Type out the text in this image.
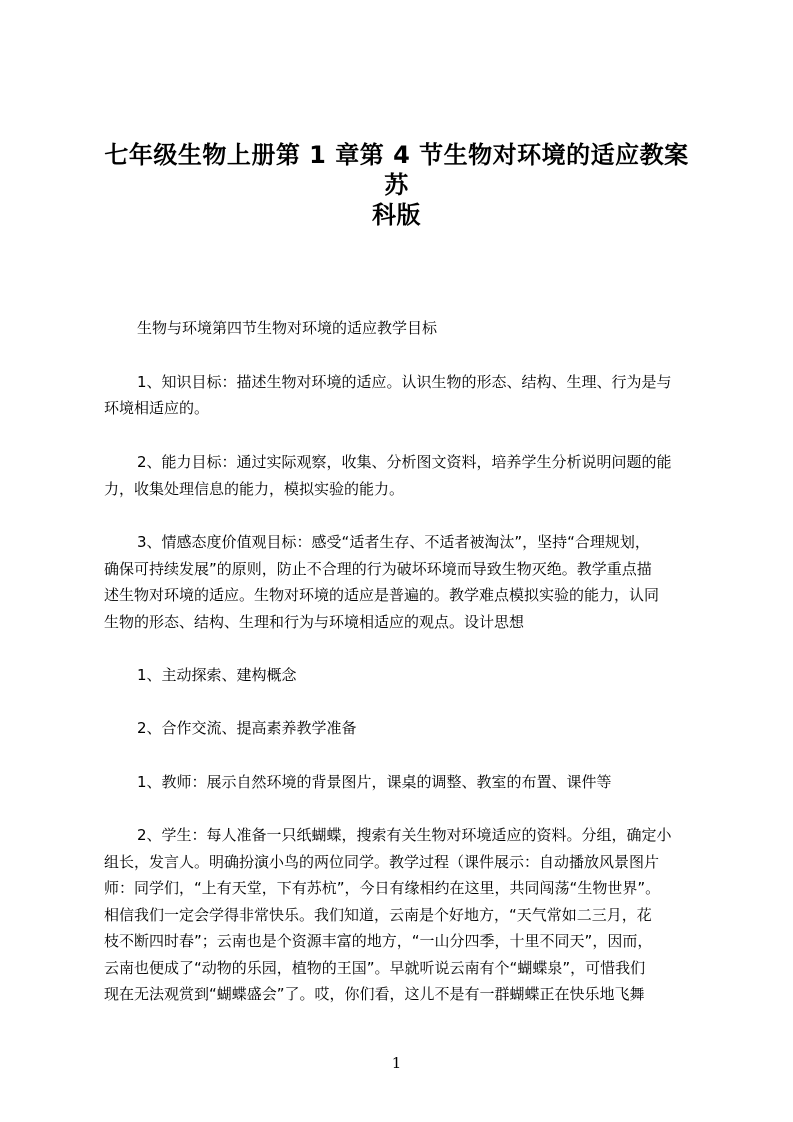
七年级生物上册第 1 章第 4 节生物对环境的适应教案苏
科版
生物与环境第四节生物对环境的适应教学目标
1、知识目标：描述生物对环境的适应。认识生物的形态、结构、生理、行为是与
环境相适应的。
2、能力目标：通过实际观察，收集、分析图文资料，培养学生分析说明问题的能
力，收集处理信息的能力，模拟实验的能力。
3、情感态度价值观目标：感受“适者生存、不适者被淘汰”，坚持“合理规划，
确保可持续发展”的原则，防止不合理的行为破坏环境而导致生物灭绝。教学重点描
述生物对环境的适应。生物对环境的适应是普遍的。教学难点模拟实验的能力，认同
生物的形态、结构、生理和行为与环境相适应的观点。设计思想
1、主动探索、建构概念
2、合作交流、提高素养教学准备
1、教师：展示自然环境的背景图片，课桌的调整、教室的布置、课件等
2、学生：每人准备一只纸蝴蝶，搜索有关生物对环境适应的资料。分组，确定小
组长，发言人。明确扮演小鸟的两位同学。教学过程（课件展示：自动播放风景图片
师：同学们，“上有天堂，下有苏杭”，今日有缘相约在这里，共同闯荡“生物世界”。
相信我们一定会学得非常快乐。我们知道，云南是个好地方，“天气常如二三月，花
枝不断四时春”；云南也是个资源丰富的地方，“一山分四季，十里不同天”，因而，
云南也便成了“动物的乐园，植物的王国”。早就听说云南有个“蝴蝶泉”，可惜我们
现在无法观赏到“蝴蝶盛会”了。哎，你们看，这儿不是有一群蝴蝶正在快乐地飞舞
1
